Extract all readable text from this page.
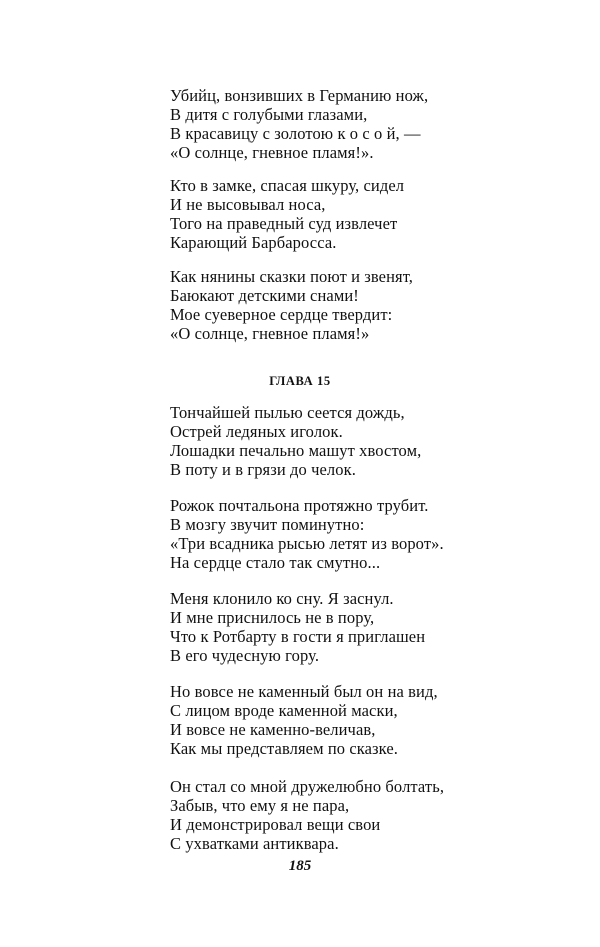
Убийц, вонзивших в Германию нож,
В дитя с голубыми глазами,
В красавицу с золотою к о с о й, —
«О солнце, гневное пламя!».
Кто в замке, спасая шкуру, сидел
И не высовывал носа,
Того на праведный суд извлечет
Карающий Барбаросса.
Как нянины сказки поют и звенят,
Баюкают детскими снами!
Мое суеверное сердце твердит:
«О солнце, гневное пламя!»
ГЛАВА 15
Тончайшей пылью сеется дождь,
Острей ледяных иголок.
Лошадки печально машут хвостом,
В поту и в грязи до челок.
Рожок почтальона протяжно трубит.
В мозгу звучит поминутно:
«Три всадника рысью летят из ворот».
На сердце стало так смутно...
Меня клонило ко сну. Я заснул.
И мне приснилось не в пору,
Что к Ротбарту в гости я приглашен
В его чудесную гору.
Но вовсе не каменный был он на вид,
С лицом вроде каменной маски,
И вовсе не каменно-величав,
Как мы представляем по сказке.
Он стал со мной дружелюбно болтать,
Забыв, что ему я не пара,
И демонстрировал вещи свои
С ухватками антиквара.
185
